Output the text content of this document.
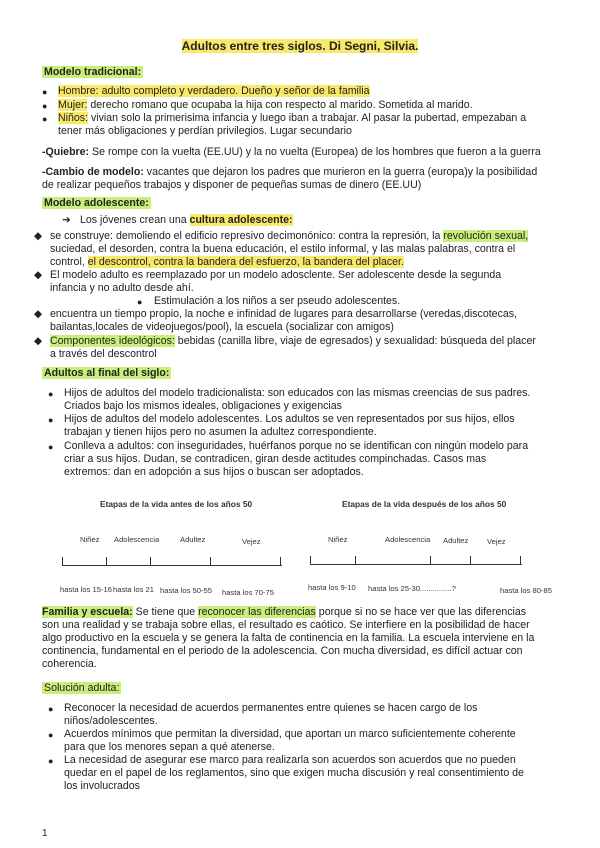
Adultos entre tres siglos. Di Segni, Silvia.
Modelo tradicional:
● Hombre: adulto completo y verdadero. Dueño y señor de la familia
● Mujer: derecho romano que ocupaba la hija con respecto al marido. Sometida al marido.
● Niños: vivian solo la primerisima infancia y luego iban a trabajar. Al pasar la pubertad, empezaban a
tener más obligaciones y perdían privilegios. Lugar secundario
-Quiebre: Se rompe con la vuelta (EE.UU) y la no vuelta (Europea) de los hombres que fueron a la guerra
-Cambio de modelo: vacantes que dejaron los padres que murieron en la guerra (europa)y la posibilidad
de realizar pequeños trabajos y disponer de pequeñas sumas de dinero (EE.UU)
Modelo adolescente:
➔ Los jóvenes crean una cultura adolescente:
◆ se construye: demoliendo el edificio represivo decimonónico: contra la represión, la revolución sexual,
suciedad, el desorden, contra la buena educación, el estilo informal, y las malas palabras, contra el
control, el descontrol, contra la bandera del esfuerzo, la bandera del placer.
◆ El modelo adulto es reemplazado por un modelo adosclente. Ser adolescente desde la segunda
infancia y no adulto desde ahí.
● Estimulación a los niños a ser pseudo adolescentes.
◆ encuentra un tiempo propio, la noche e infinidad de lugares para desarrollarse (veredas,discotecas,
bailantas,locales de videojuegos/pool), la escuela (socializar con amigos)
◆ Componentes ideológicos: bebidas (canilla libre, viaje de egresados) y sexualidad: búsqueda del placer
a través del descontrol
Adultos al final del siglo:
● Hijos de adultos del modelo tradicionalista: son educados con las mismas creencias de sus padres.
Criados bajo los mismos ideales, obligaciones y exigencias
● Hijos de adultos del modelo adolescentes. Los adultos se ven representados por sus hijos, ellos
trabajan y tienen hijos pero no asumen la adultez correspondiente.
● Conlleva a adultos: con inseguridades, huérfanos porque no se identifican con ningún modelo para
criar a sus hijos. Dudan, se contradicen, giran desde actitudes compinchadas. Casos mas
extremos: dan en adopción a sus hijos o buscan ser adoptados.
Etapas de la vida antes de los años 50
Niñez Adolescencia	Adultez	Vejez
hasta los 15-16 hasta los 21 hasta los 50-55 hasta los 70-75
Etapas de la vida después de los años 50
Niñez	Adolescencia Adultez Vejez
hasta los 9-10 hasta los 25-30...............?	hasta los 80-85
Familia y escuela: Se tiene que reconocer las diferencias porque si no se hace ver que las diferencias
son una realidad y se trabaja sobre ellas, el resultado es caótico. Se interfiere en la posibilidad de hacer
algo productivo en la escuela y se genera la falta de continencia en la familia. La escuela interviene en la
continencia, fundamental en el periodo de la adolescencia. Con mucha diversidad, es difícil actuar con
coherencia.
Solución adulta:
● Reconocer la necesidad de acuerdos permanentes entre quienes se hacen cargo de los
niños/adolescentes.
● Acuerdos mínimos que permitan la diversidad, que aportan un marco suficientemente coherente
para que los menores sepan a qué atenerse.
● La necesidad de asegurar ese marco para realizarla son acuerdos son acuerdos que no pueden
quedar en el papel de los reglamentos, sino que exigen mucha discusión y real consentimiento de
los involucrados
1
